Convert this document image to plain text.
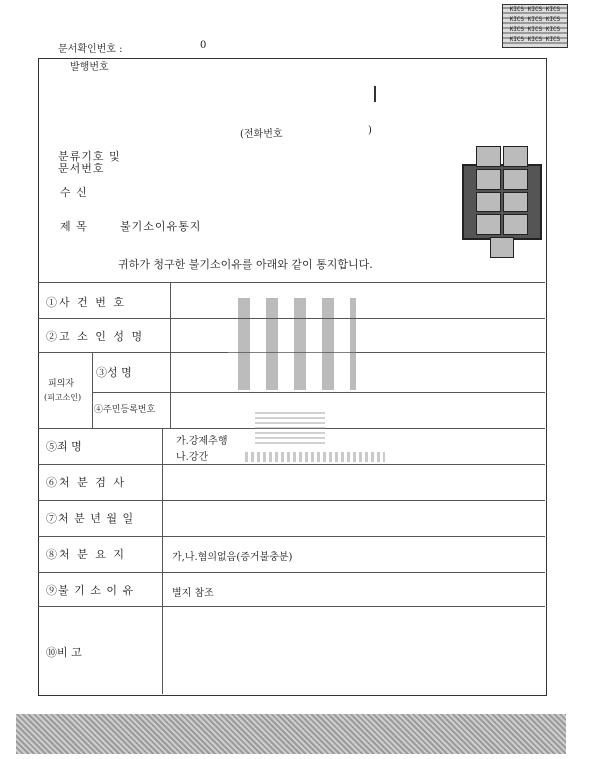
KICS KICS KICS
KICS KICS KICS
KICS KICS KICS
KICS KICS KICS
문서확인번호 :	0
발행번호
(전화번호	)
분류기호 및
문서번호
수 신
제 목	불기소이유통지
귀하가 청구한 불기소이유를 아래와 같이 통지합니다.
①사 건 번 호
②고 소 인 성 명
피의자
(피고소인)
③성 명
④주민등록번호
⑤죄 명	가.강제추행
나.강간
⑥처 분 검 사
⑦처 분 년 월 일
⑧처 분 요 지	가,나.혐의없음(증거불충분)
⑨불 기 소 이 유	별지 참조
⑩비 고
